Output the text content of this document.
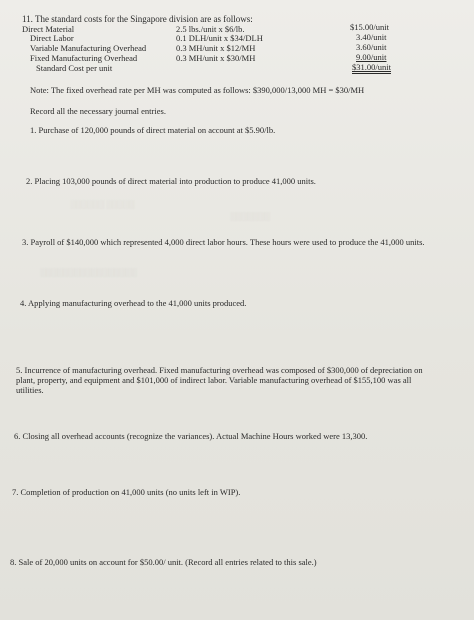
░░░░░░ ░░░░░
░░░░░░░
░░░░░░░░░░░░░░░░░
11. The standard costs for the Singapore division are as follows:
Direct Material	2.5 lbs./unit x $6/lb.	$15.00/unit
Direct Labor	0.1 DLH/unit x $34/DLH	3.40/unit
Variable Manufacturing Overhead	0.3 MH/unit x $12/MH	3.60/unit
Fixed Manufacturing Overhead	0.3 MH/unit x $30/MH	9.00/unit
Standard Cost per unit	$31.00/unit
Note: The fixed overhead rate per MH was computed as follows: $390,000/13,000 MH = $30/MH
Record all the necessary journal entries.
1. Purchase of 120,000 pounds of direct material on account at $5.90/lb.
2. Placing 103,000 pounds of direct material into production to produce 41,000 units.
3. Payroll of $140,000 which represented 4,000 direct labor hours. These hours were used to produce the 41,000 units.
4. Applying manufacturing overhead to the 41,000 units produced.
5. Incurrence of manufacturing overhead. Fixed manufacturing overhead was composed of $300,000 of depreciation on
plant, property, and equipment and $101,000 of indirect labor. Variable manufacturing overhead of $155,100 was all
utilities.
6. Closing all overhead accounts (recognize the variances). Actual Machine Hours worked were 13,300.
7. Completion of production on 41,000 units (no units left in WIP).
8. Sale of 20,000 units on account for $50.00/ unit. (Record all entries related to this sale.)
